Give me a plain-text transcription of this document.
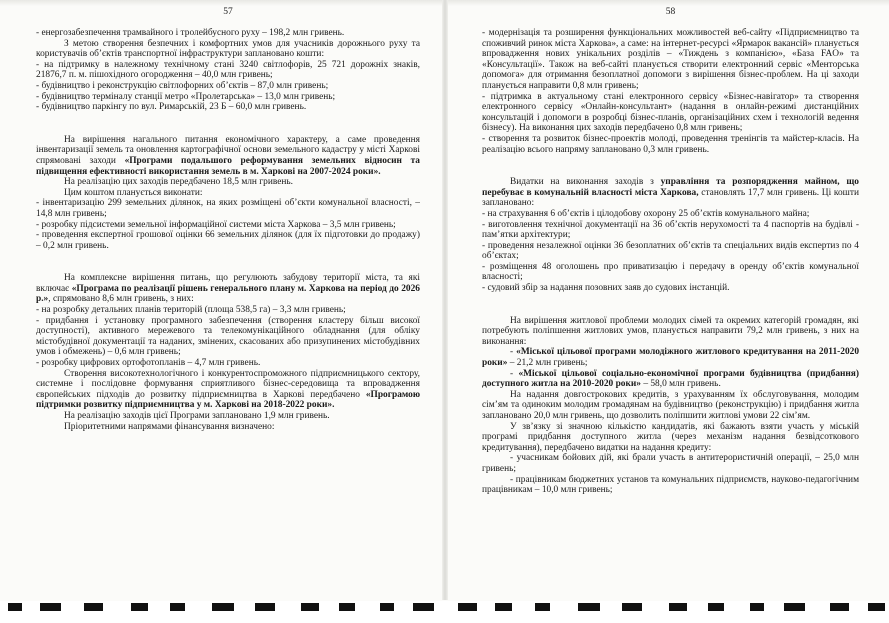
57

- енергозабезпечення трамвайного і тролейбусного руху – 198,2 млн гривень.

З метою створення безпечних і комфортних умов для учасників дорожнього руху та користувачів об’єктів транспортної інфраструктури заплановано кошти:

- на підтримку в належному технічному стані 3240 світлофорів, 25 721 дорожніх знаків, 21876,7 п. м. пішохідного огородження – 40,0 млн гривень;

- будівництво і реконструкцію світлофорних об’єктів – 87,0 млн гривень;

- будівництво терміналу станції метро «Пролетарська» – 13,0 млн гривень;

- будівництво паркінгу по вул. Римарській, 23 Б – 60,0 млн гривень.

На вирішення нагального питання економічного характеру, а саме проведення інвентаризації земель та оновлення картографічної основи земельного кадастру у місті Харкові спрямовані заходи «Програми подальшого реформування земельних відносин та підвищення ефективності використання земель в м. Харкові на 2007-2024 роки».

На реалізацію цих заходів передбачено 18,5 млн гривень.

Цим коштом планується виконати:

- інвентаризацію 299 земельних ділянок, на яких розміщені об’єкти комунальної власності, – 14,8 млн гривень;

- розробку підсистеми земельної інформаційної системи міста Харкова – 3,5 млн гривень;

- проведення експертної грошової оцінки 66 земельних ділянок (для їх підготовки до продажу) – 0,2 млн гривень.

На комплексне вирішення питань, що регулюють забудову території міста, та які включає «Програма по реалізації рішень генерального плану м. Харкова на період до 2026 р.», спрямовано 8,6 млн гривень, з них:

- на розробку детальних планів територій (площа 538,5 га) – 3,3 млн гривень;

- придбання і установку програмного забезпечення (створення кластеру більш високої доступності), активного мережевого та телекомунікаційного обладнання (для обліку містобудівної документації та наданих, змінених, скасованих або призупинених містобудівних умов і обмежень) – 0,6 млн гривень;

- розробку цифрових ортофотопланів – 4,7 млн гривень.

Створення високотехнологічного і конкурентоспроможного підприємницького сектору, системне і послідовне формування сприятливого бізнес-середовища та впровадження європейських підходів до розвитку підприємництва в Харкові передбачено «Програмою підтримки розвитку підприємництва у м. Харкові на 2018-2022 роки».

На реалізацію заходів цієї Програми заплановано 1,9 млн гривень.

Пріоритетними напрямами фінансування визначено:

58

- модернізація та розширення функціональних можливостей веб-сайту «Підприємництво та споживчий ринок міста Харкова», а саме: на інтернет-ресурсі «Ярмарок вакансій» планується впровадження нових унікальних розділів – «Тиждень з компанією», «База FAO» та «Консультації». Також на веб-сайті планується створити електронний сервіс «Менторська допомога» для отримання безоплатної допомоги з вирішення бізнес-проблем. На ці заходи планується направити 0,8 млн гривень;

- підтримка в актуальному стані електронного сервісу «Бізнес-навігатор» та створення електронного сервісу «Онлайн-консультант» (надання в онлайн-режимі дистанційних консультацій і допомоги в розробці бізнес-планів, організаційних схем і технологій ведення бізнесу). На виконання цих заходів передбачено 0,8 млн гривень;

- створення та розвиток бізнес-проектів молоді, проведення тренінгів та майстер-класів. На реалізацію всього напряму заплановано 0,3 млн гривень.

Видатки на виконання заходів з управління та розпорядження майном, що перебуває в комунальній власності міста Харкова, становлять 17,7 млн гривень. Ці кошти заплановано:

- на страхування 6 об’єктів і цілодобову охорону 25 об’єктів комунального майна;

- виготовлення технічної документації на 36 об’єктів нерухомості та 4 паспортів на будівлі - пам’ятки архітектури;

- проведення незалежної оцінки 36 безоплатних об’єктів та спеціальних видів експертиз по 4 об’єктах;

- розміщення 48 оголошень про приватизацію і передачу в оренду об’єктів комунальної власності;

- судовий збір за надання позовних заяв до судових інстанцій.

На вирішення житлової проблеми молодих сімей та окремих категорій громадян, які потребують поліпшення житлових умов, планується направити 79,2 млн гривень, з них на виконання:

- «Міської цільової програми молодіжного житлового кредитування на 2011-2020 роки» – 21,2 млн гривень;

- «Міської цільової соціально-економічної програми будівництва (придбання) доступного житла на 2010-2020 роки» – 58,0 млн гривень.

На надання довгострокових кредитів, з урахуванням їх обслуговування, молодим сім’ям та одиноким молодим громадянам на будівництво (реконструкцію) і придбання житла заплановано 20,0 млн гривень, що дозволить поліпшити житлові умови 22 сім’ям.

У зв’язку зі значною кількістю кандидатів, які бажають взяти участь у міській програмі придбання доступного житла (через механізм надання безвідсоткового кредитування), передбачено видатки на надання кредиту:

- учасникам бойових дій, які брали участь в антитерористичній операції, – 25,0 млн гривень;

- працівникам бюджетних установ та комунальних підприємств, науково-педагогічним працівникам – 10,0 млн гривень;
